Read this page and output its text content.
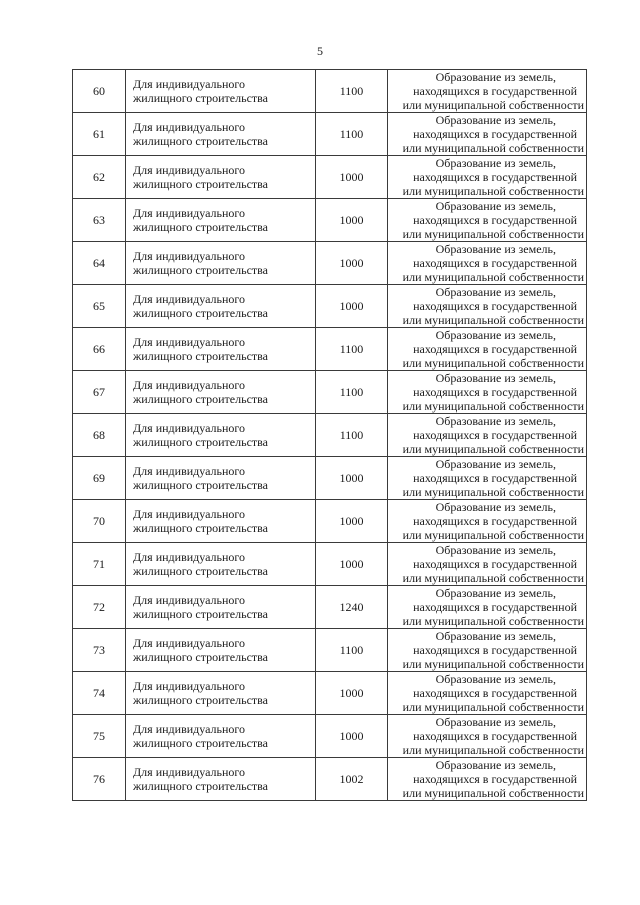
5
60	Для индивидуального
жилищного строительства	1100	Образование из земель,
находящихся в государственной
или муниципальной собственности

61	Для индивидуального
жилищного строительства	1100	Образование из земель,
находящихся в государственной
или муниципальной собственности

62	Для индивидуального
жилищного строительства	1000	Образование из земель,
находящихся в государственной
или муниципальной собственности

63	Для индивидуального
жилищного строительства	1000	Образование из земель,
находящихся в государственной
или муниципальной собственности

64	Для индивидуального
жилищного строительства	1000	Образование из земель,
находящихся в государственной
или муниципальной собственности

65	Для индивидуального
жилищного строительства	1000	Образование из земель,
находящихся в государственной
или муниципальной собственности

66	Для индивидуального
жилищного строительства	1100	Образование из земель,
находящихся в государственной
или муниципальной собственности

67	Для индивидуального
жилищного строительства	1100	Образование из земель,
находящихся в государственной
или муниципальной собственности

68	Для индивидуального
жилищного строительства	1100	Образование из земель,
находящихся в государственной
или муниципальной собственности

69	Для индивидуального
жилищного строительства	1000	Образование из земель,
находящихся в государственной
или муниципальной собственности

70	Для индивидуального
жилищного строительства	1000	Образование из земель,
находящихся в государственной
или муниципальной собственности

71	Для индивидуального
жилищного строительства	1000	Образование из земель,
находящихся в государственной
или муниципальной собственности

72	Для индивидуального
жилищного строительства	1240	Образование из земель,
находящихся в государственной
или муниципальной собственности

73	Для индивидуального
жилищного строительства	1100	Образование из земель,
находящихся в государственной
или муниципальной собственности

74	Для индивидуального
жилищного строительства	1000	Образование из земель,
находящихся в государственной
или муниципальной собственности

75	Для индивидуального
жилищного строительства	1000	Образование из земель,
находящихся в государственной
или муниципальной собственности

76	Для индивидуального
жилищного строительства	1002	Образование из земель,
находящихся в государственной
или муниципальной собственности
